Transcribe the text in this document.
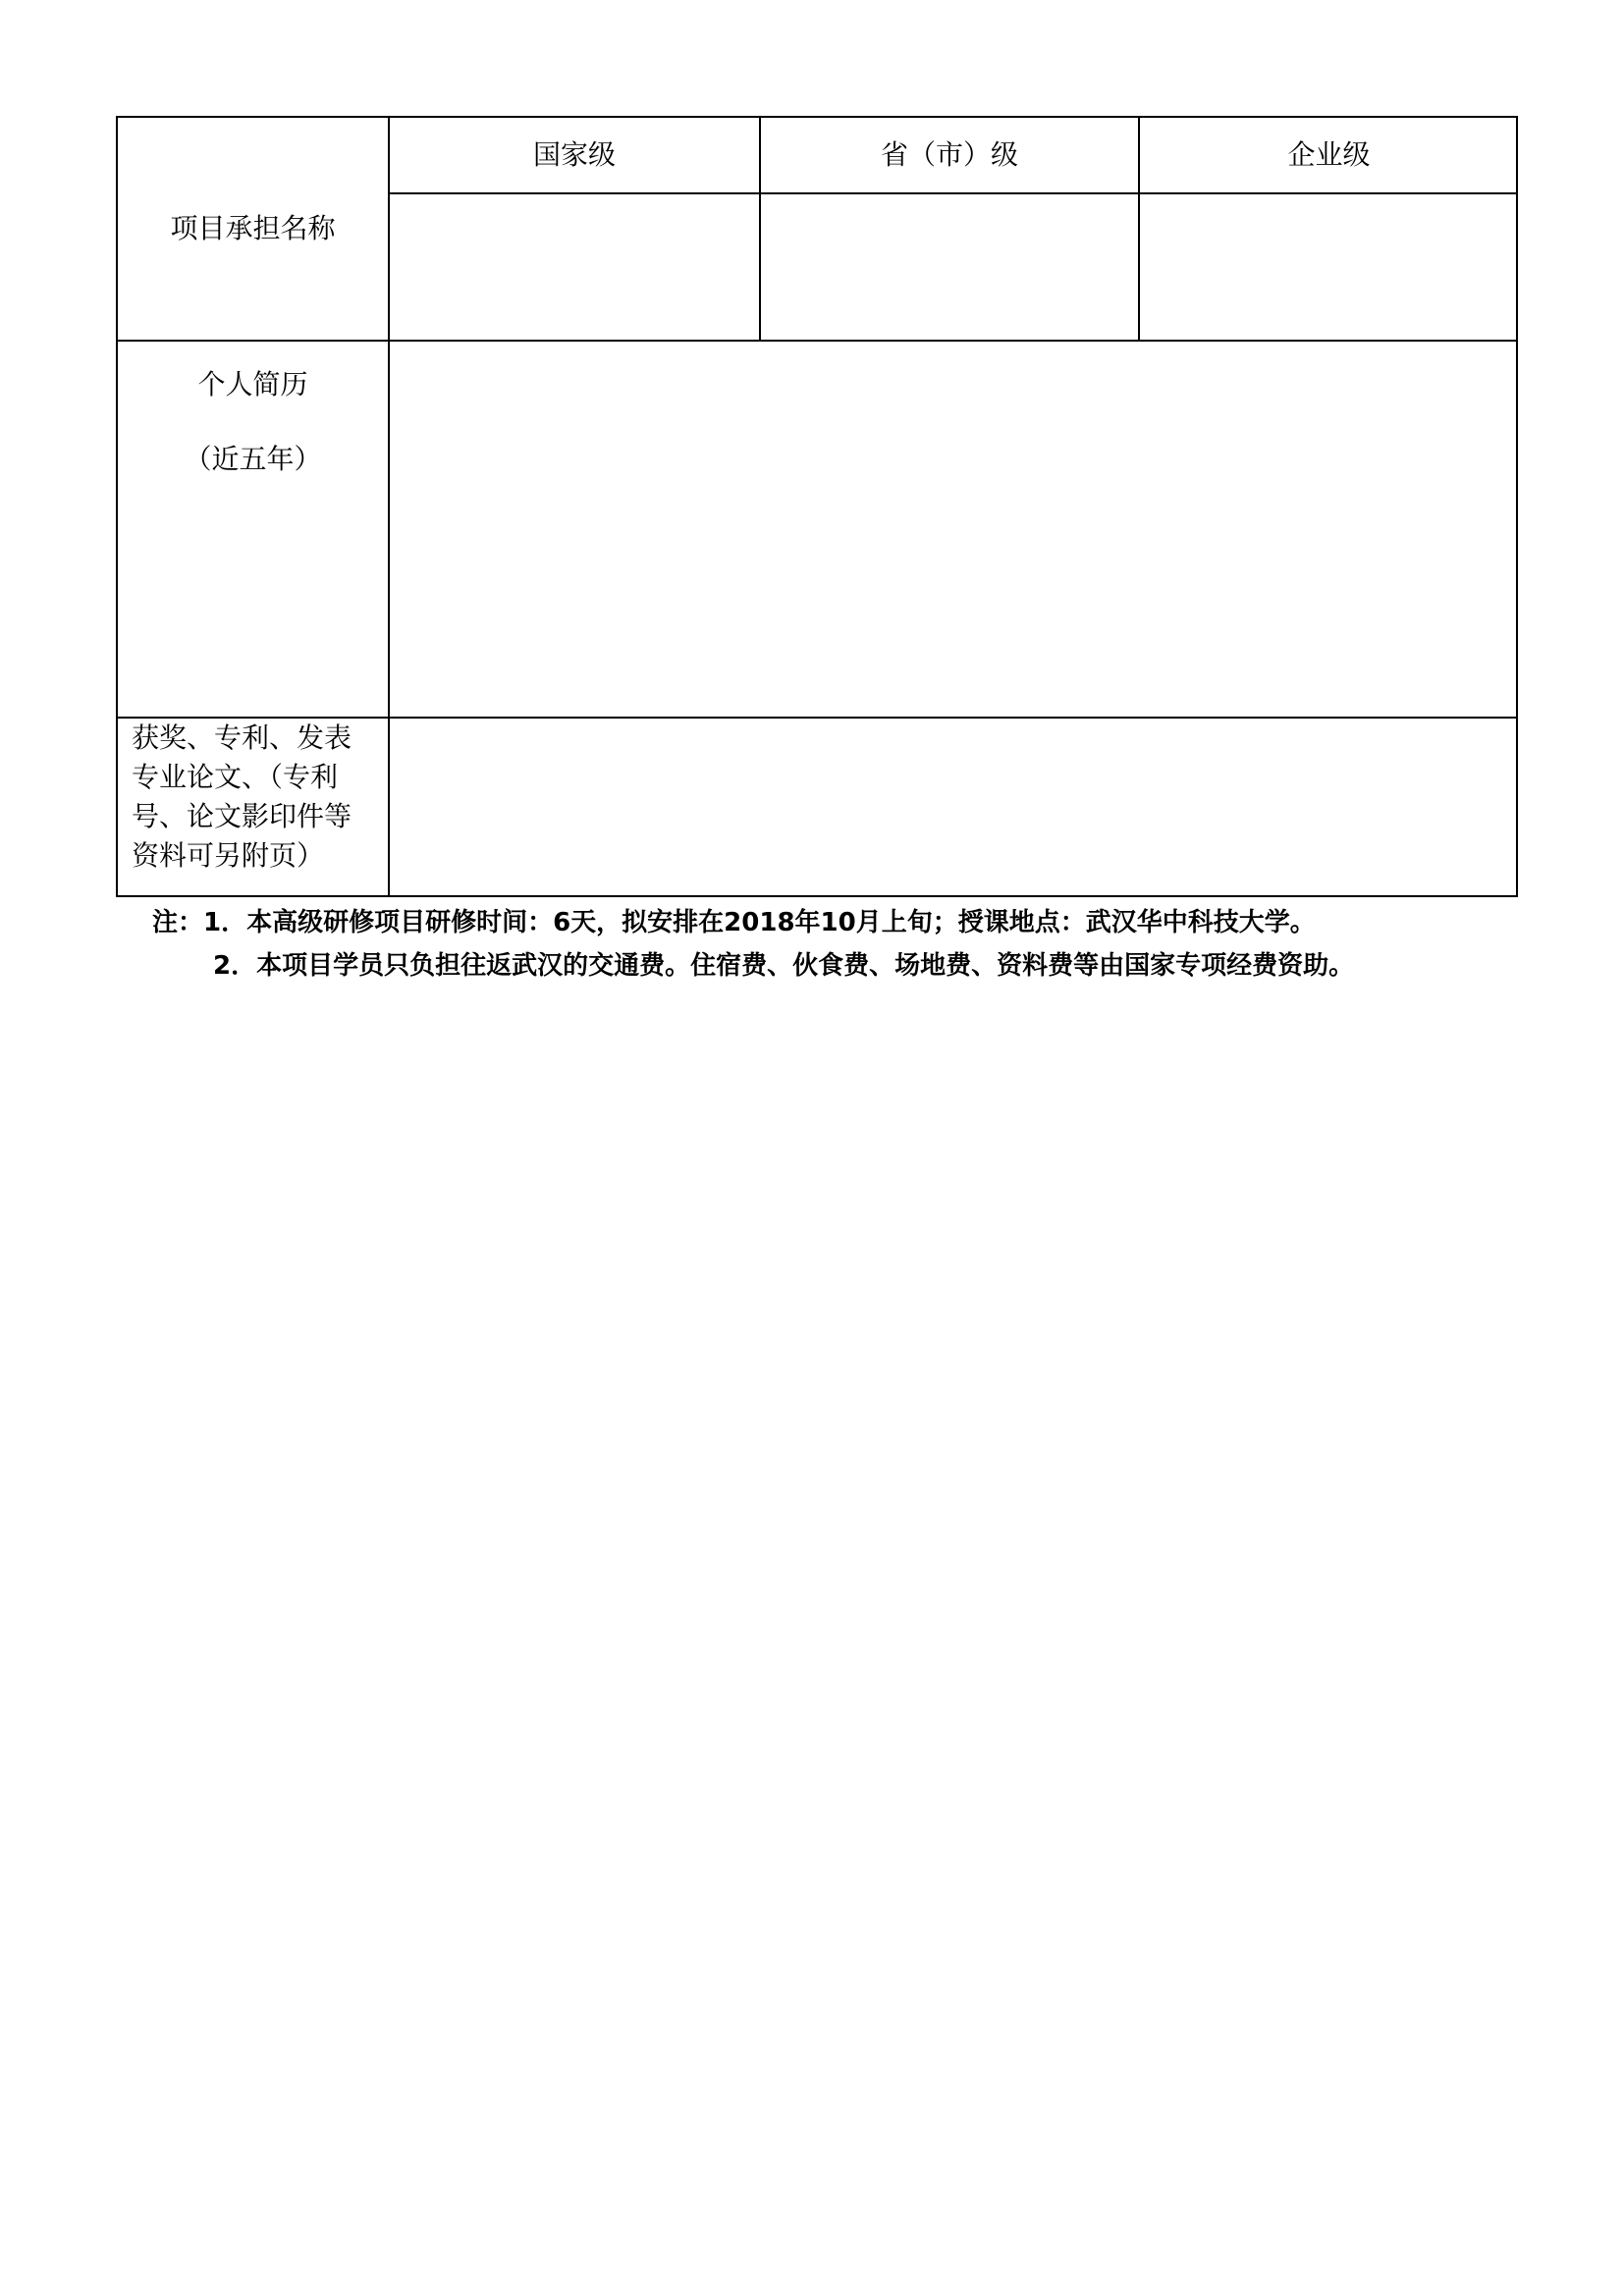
项目承担名称
国家级	省（市）级	企业级
个人简历
（近五年）
获奖、专利、发表
专业论文、（专利
号、论文影印件等
资料可另附页）
注：1．本高级研修项目研修时间：6天，拟安排在2018年10月上旬；授课地点：武汉华中科技大学。
2．本项目学员只负担往返武汉的交通费。住宿费、伙食费、场地费、资料费等由国家专项经费资助。
